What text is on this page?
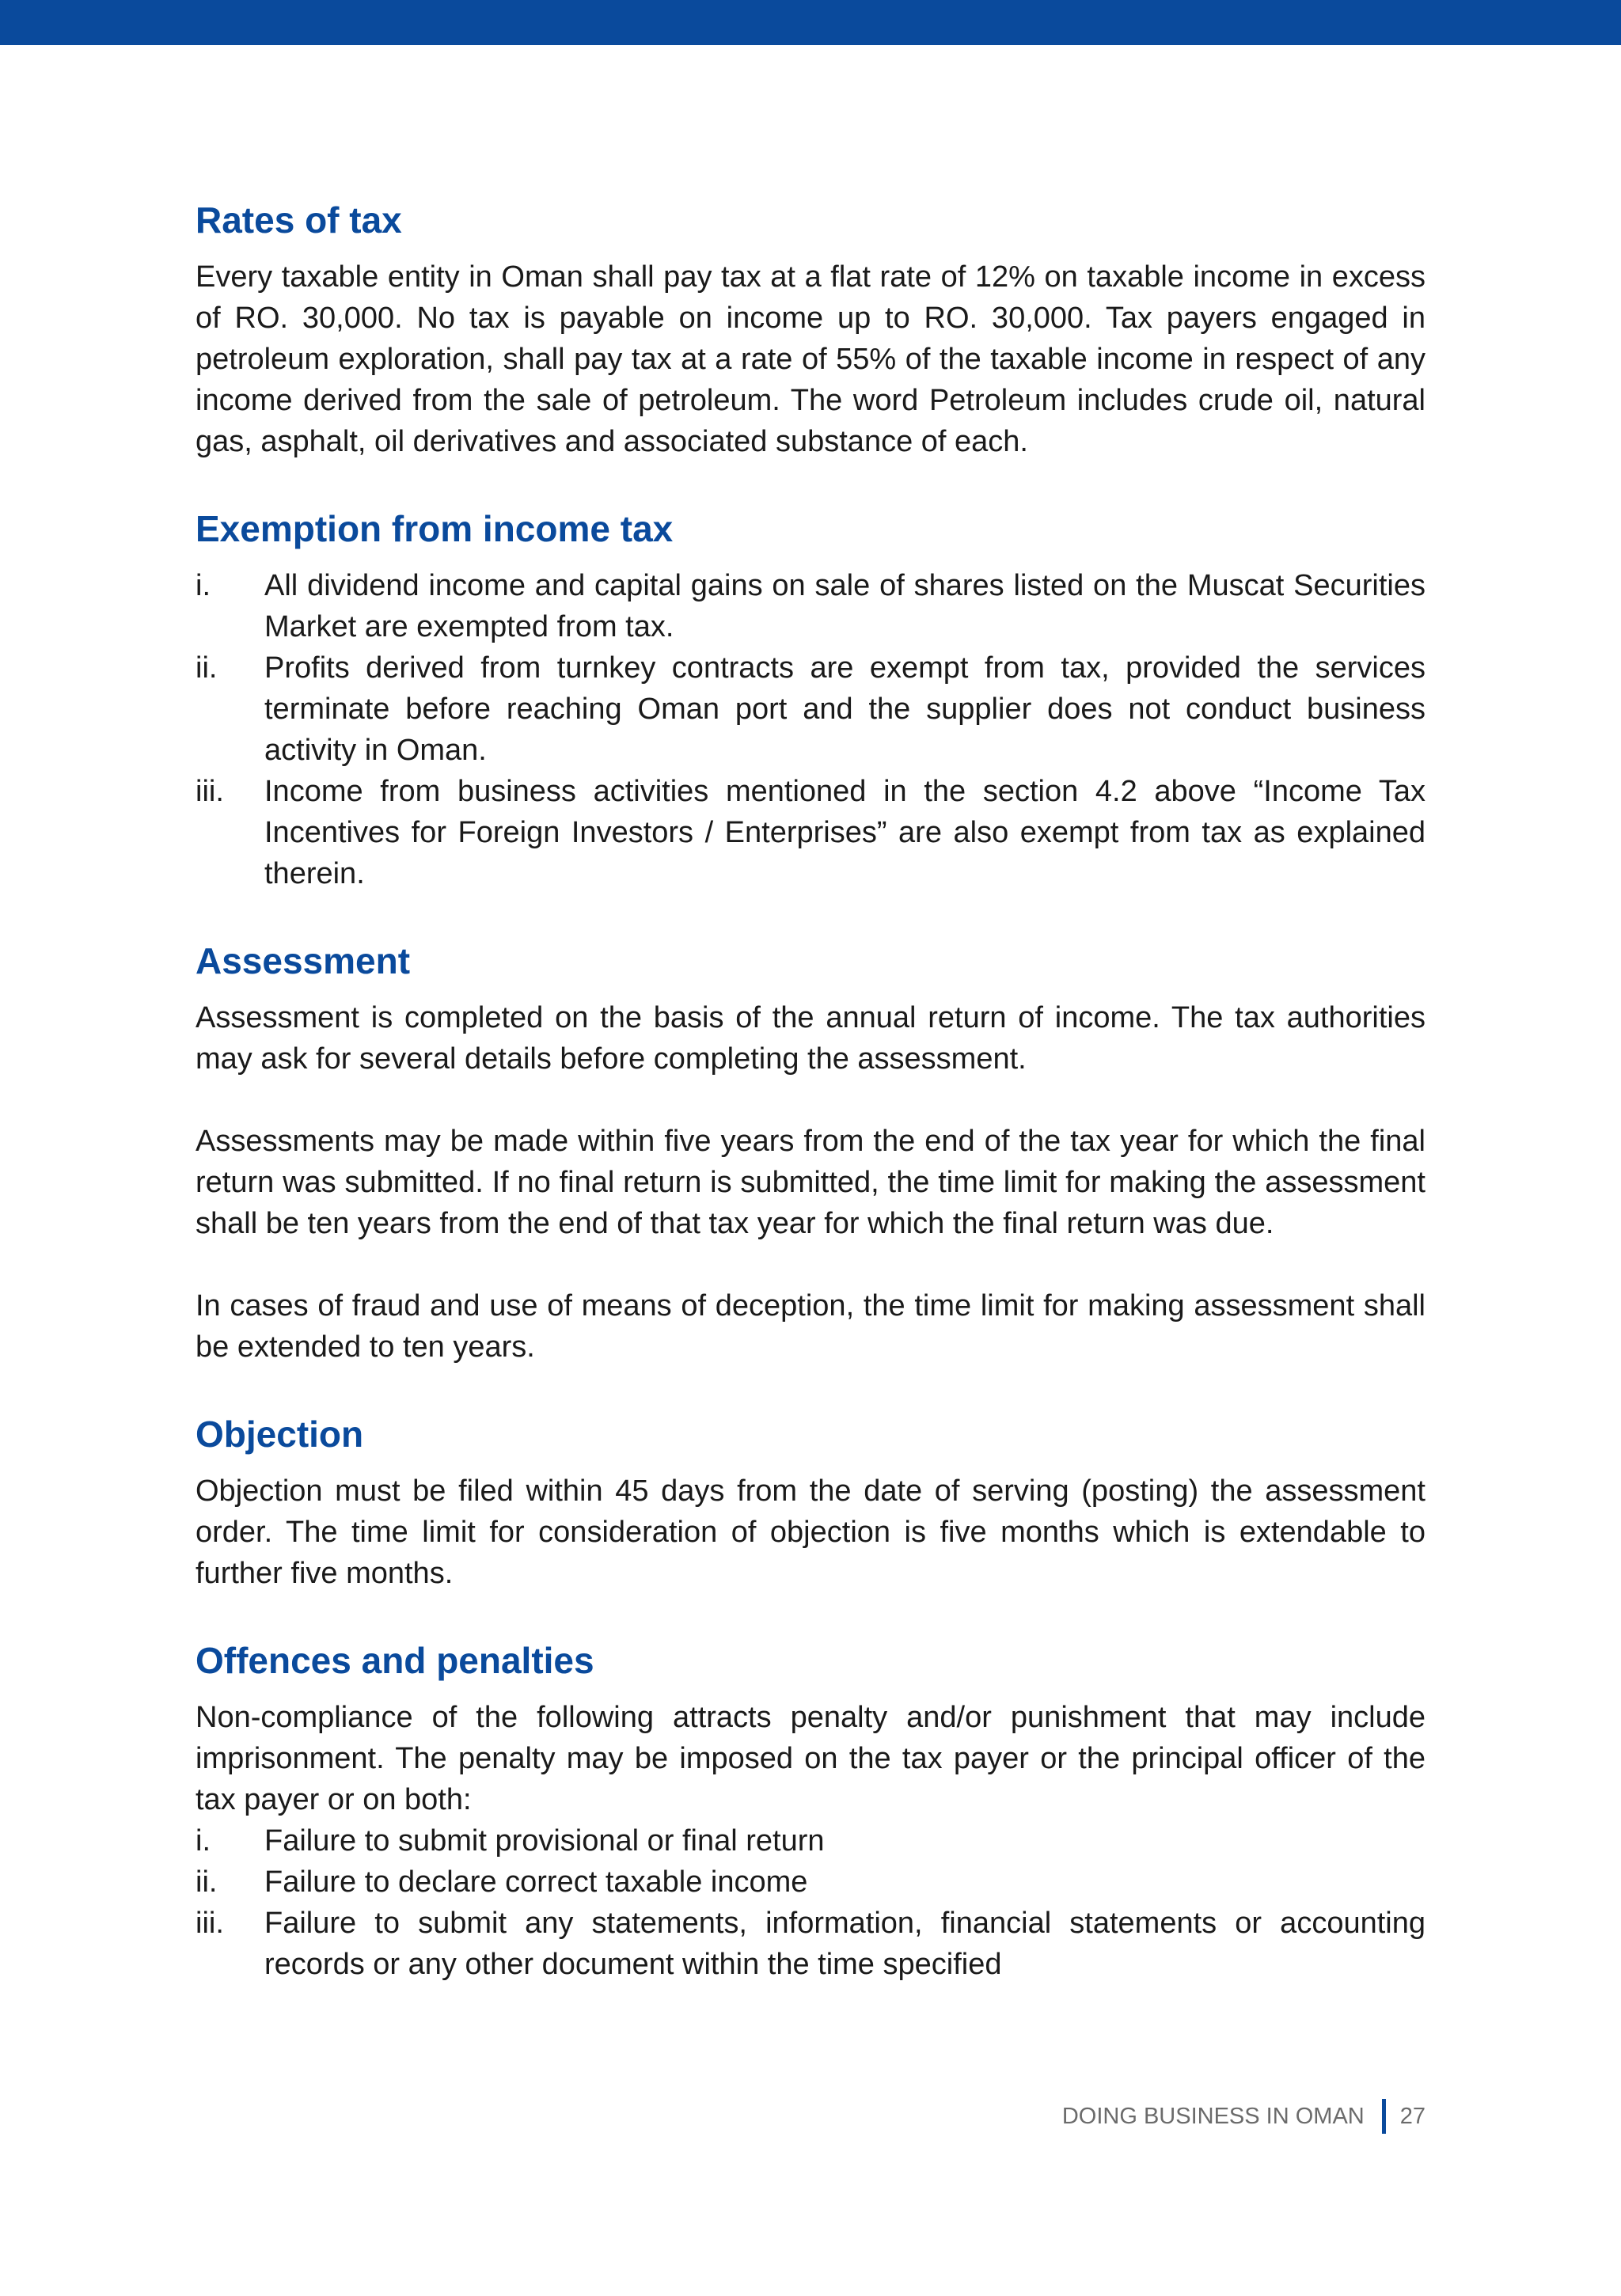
Rates of tax

Every taxable entity in Oman shall pay tax at a flat rate of 12% on taxable income in excess of RO. 30,000. No tax is payable on income up to RO. 30,000. Tax payers engaged in petroleum exploration, shall pay tax at a rate of 55% of the taxable income in respect of any income derived from the sale of petroleum. The word Petroleum includes crude oil, natural gas, asphalt, oil derivatives and associated substance of each.

Exemption from income tax
i.	All dividend income and capital gains on sale of shares listed on the Muscat Securities Market are exempted from tax.
ii.	Profits derived from turnkey contracts are exempt from tax, provided the services terminate before reaching Oman port and the supplier does not conduct business activity in Oman.
iii.	Income from business activities mentioned in the section 4.2 above “Income Tax Incentives for Foreign Investors / Enterprises” are also exempt from tax as explained therein.
Assessment

Assessment is completed on the basis of the annual return of income. The tax authorities may ask for several details before completing the assessment.

Assessments may be made within five years from the end of the tax year for which the final return was submitted. If no final return is submitted, the time limit for making the assessment shall be ten years from the end of that tax year for which the final return was due.

In cases of fraud and use of means of deception, the time limit for making assessment shall be extended to ten years.

Objection

Objection must be filed within 45 days from the date of serving (posting) the assessment order. The time limit for consideration of objection is five months which is extendable to further five months.

Offences and penalties

Non-compliance of the following attracts penalty and/or punishment that may include imprisonment. The penalty may be imposed on the tax payer or the principal officer of the tax payer or on both:

i.	Failure to submit provisional or final return
ii.	Failure to declare correct taxable income
iii.	Failure to submit any statements, information, financial statements or accounting records or any other document within the time specified
DOING BUSINESS IN OMAN 27
